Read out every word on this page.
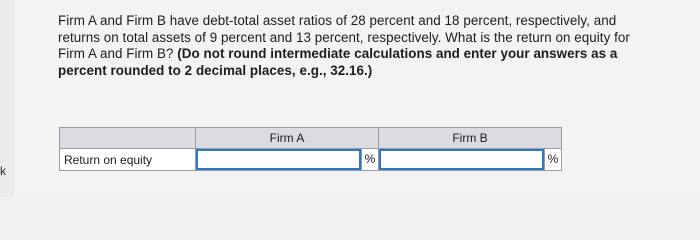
k
Firm A and Firm B have debt-total asset ratios of 28 percent and 18 percent, respectively, and returns on total assets of 9 percent and 13 percent, respectively. What is the return on equity for Firm A and Firm B? (Do not round intermediate calculations and enter your answers as a percent rounded to 2 decimal places, e.g., 32.16.)
	Firm A	Firm B
Return on equity	%	%
